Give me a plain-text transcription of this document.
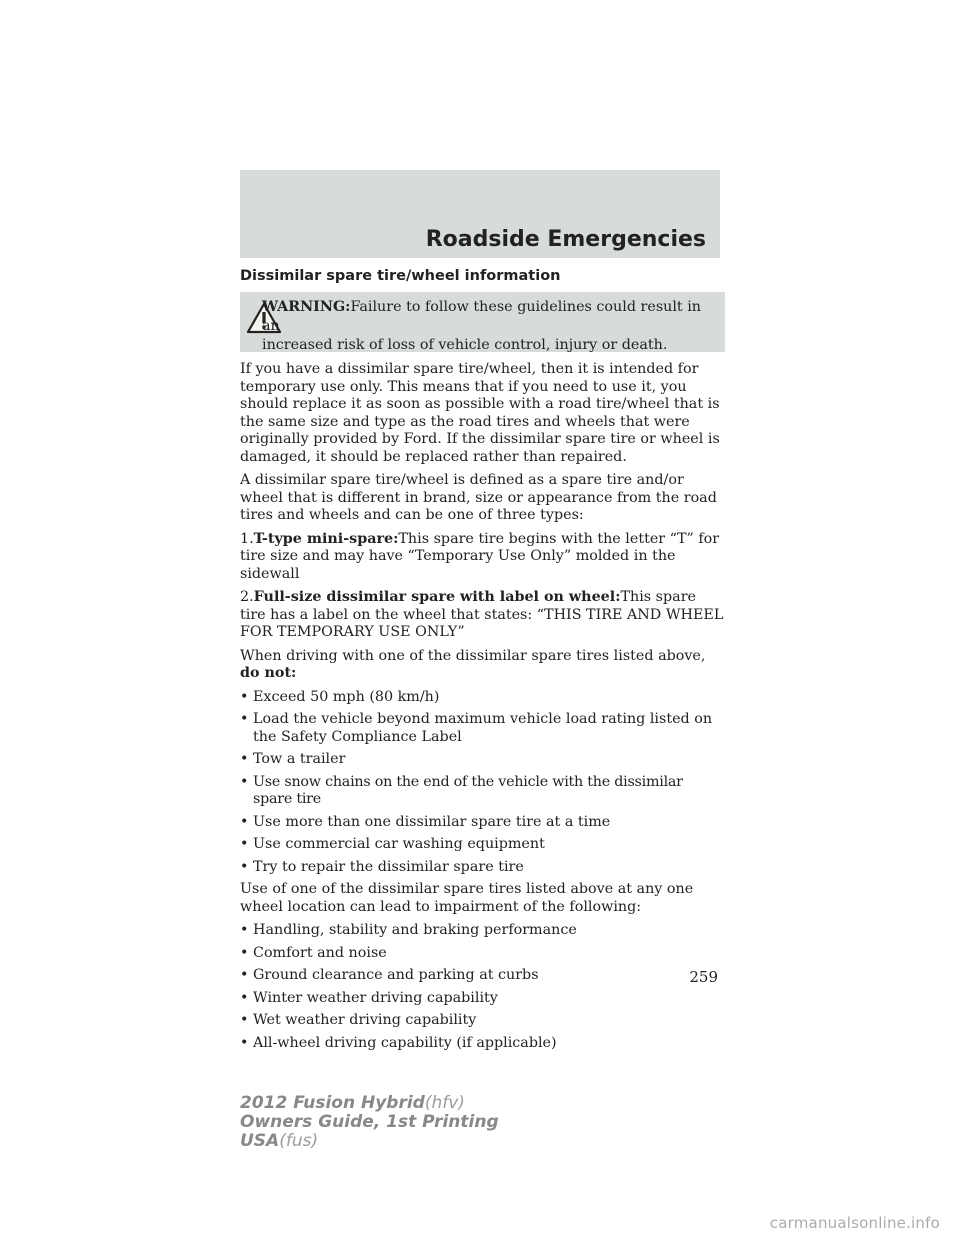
Roadside Emergencies
Dissimilar spare tire/wheel information
WARNING:Failure to follow these guidelines could result in an
increased risk of loss of vehicle control, injury or death.

If you have a dissimilar spare tire/wheel, then it is intended for temporary use only. This means that if you need to use it, you should replace it as soon as possible with a road tire/wheel that is the same size and type as the road tires and wheels that were originally provided by Ford. If the dissimilar spare tire or wheel is damaged, it should be replaced rather than repaired.

A dissimilar spare tire/wheel is defined as a spare tire and/or wheel that is different in brand, size or appearance from the road tires and wheels and can be one of three types:

1.T-type mini-spare:This spare tire begins with the letter “T” for tire size and may have “Temporary Use Only” molded in the sidewall

2.Full-size dissimilar spare with label on wheel:This spare tire has a label on the wheel that states: “THIS TIRE AND WHEEL FOR TEMPORARY USE ONLY”

When driving with one of the dissimilar spare tires listed above, do not:

• Exceed 50 mph (80 km/h)
• Load the vehicle beyond maximum vehicle load rating listed on the Safety Compliance Label
• Tow a trailer
• Use snow chains on the end of the vehicle with the dissimilar spare tire
• Use more than one dissimilar spare tire at a time
• Use commercial car washing equipment
• Try to repair the dissimilar spare tire

Use of one of the dissimilar spare tires listed above at any one wheel location can lead to impairment of the following:

• Handling, stability and braking performance
• Comfort and noise
• Ground clearance and parking at curbs
• Winter weather driving capability
• Wet weather driving capability
• All-wheel driving capability (if applicable)
259
2012 Fusion Hybrid(hfv)
Owners Guide, 1st Printing
USA(fus)
carmanualsonline.info
